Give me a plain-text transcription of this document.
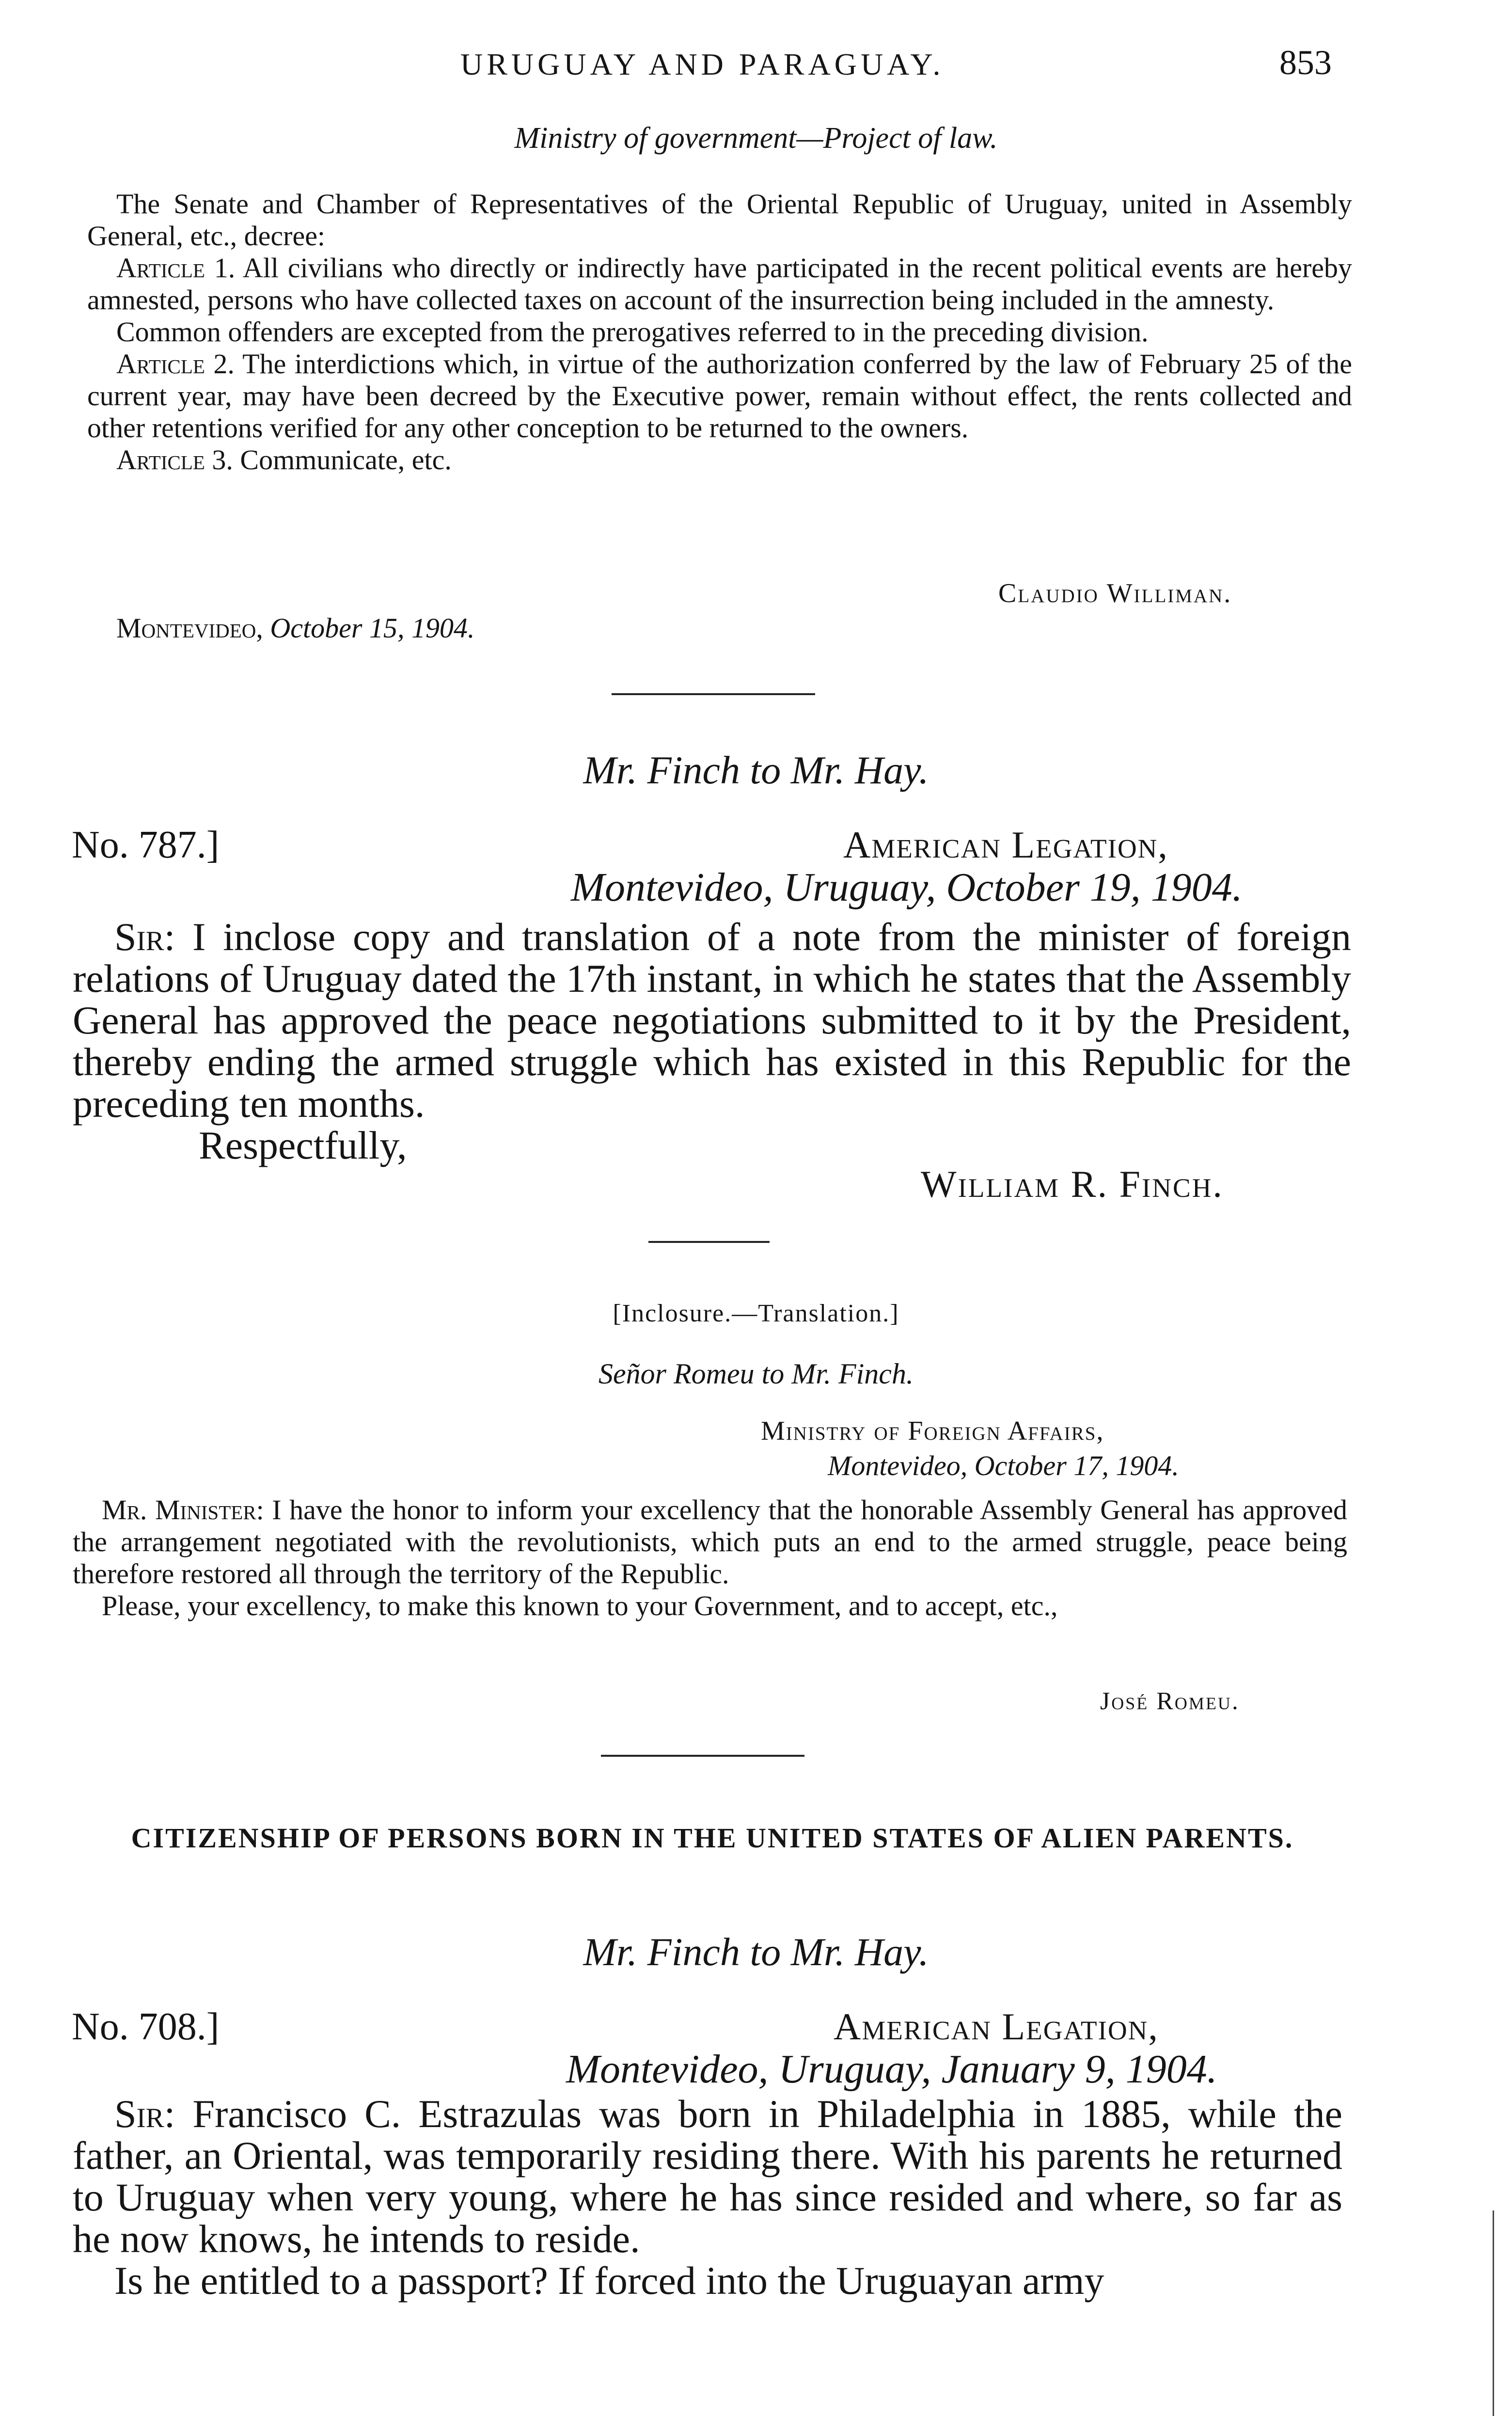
URUGUAY AND PARAGUAY.	853
Ministry of government—Project of law.

The Senate and Chamber of Representatives of the Oriental Republic of Uruguay, united in Assembly General, etc., decree:

Article 1. All civilians who directly or indirectly have participated in the recent political events are hereby amnested, persons who have collected taxes on account of the insurrection being included in the amnesty.

Common offenders are excepted from the prerogatives referred to in the preceding division.

Article 2. The interdictions which, in virtue of the authorization conferred by the law of February 25 of the current year, may have been decreed by the Executive power, remain without effect, the rents collected and other retentions verified for any other conception to be returned to the owners.

Article 3. Communicate, etc.

Claudio Williman.
Montevideo, October 15, 1904.
Mr. Finch to Mr. Hay.
No. 787.]	American Legation,
Montevideo, Uruguay, October 19, 1904.

Sir: I inclose copy and translation of a note from the minister of foreign relations of Uruguay dated the 17th instant, in which he states that the Assembly General has approved the peace negotiations submitted to it by the President, thereby ending the armed struggle which has existed in this Republic for the preceding ten months.

Respectfully,

William R. Finch.
[Inclosure.—Translation.]
Señor Romeu to Mr. Finch.
Ministry of Foreign Affairs,
Montevideo, October 17, 1904.

Mr. Minister: I have the honor to inform your excellency that the honorable Assembly General has approved the arrangement negotiated with the revolutionists, which puts an end to the armed struggle, peace being therefore restored all through the territory of the Republic.

Please, your excellency, to make this known to your Government, and to accept, etc.,

José Romeu.
CITIZENSHIP OF PERSONS BORN IN THE UNITED STATES OF ALIEN PARENTS.
Mr. Finch to Mr. Hay.
No. 708.]	American Legation,
Montevideo, Uruguay, January 9, 1904.

Sir: Francisco C. Estrazulas was born in Philadelphia in 1885, while the father, an Oriental, was temporarily residing there. With his parents he returned to Uruguay when very young, where he has since resided and where, so far as he now knows, he intends to reside.

Is he entitled to a passport? If forced into the Uruguayan army
